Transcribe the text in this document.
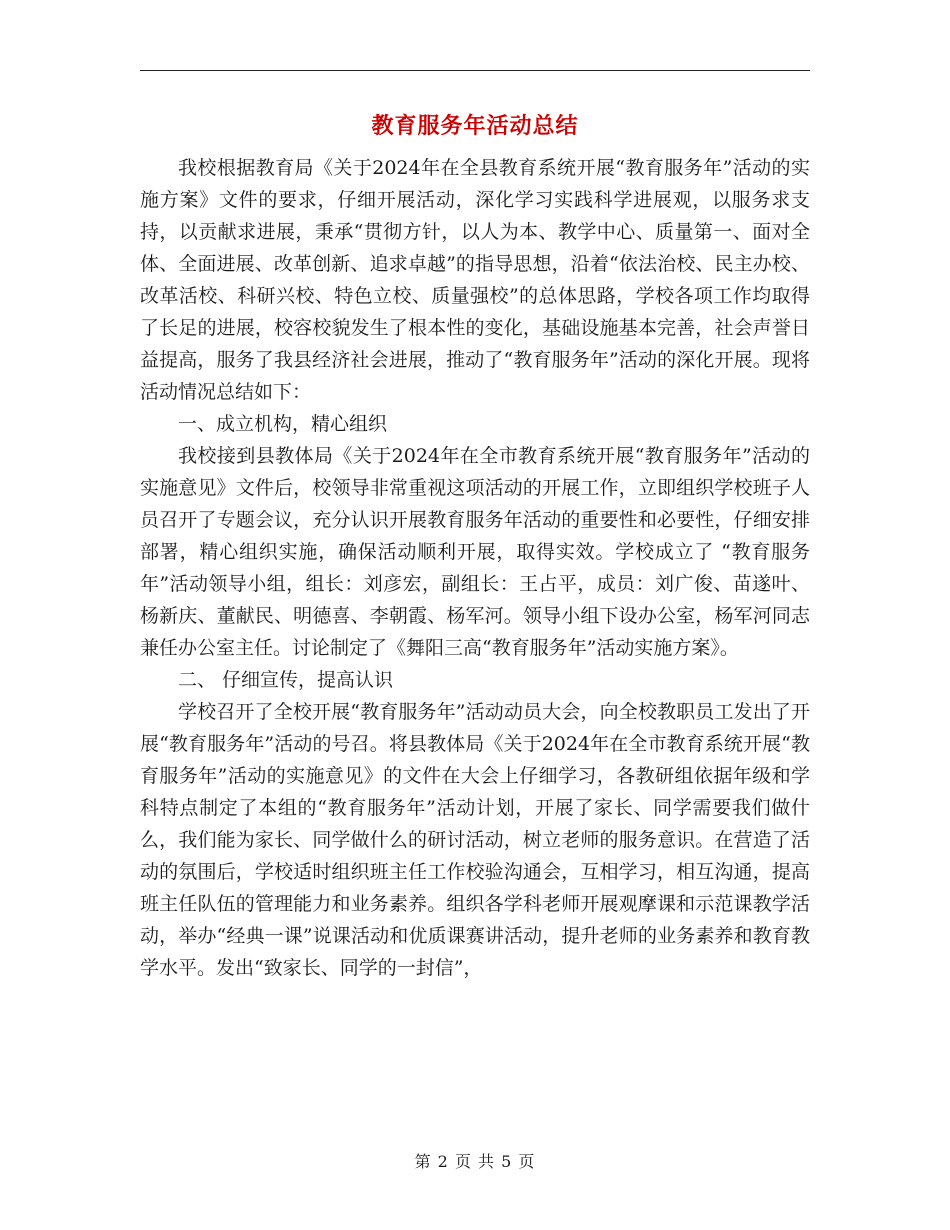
教育服务年活动总结

我校根据教育局《关于2024年在全县教育系统开展“教育服务年”活动的实施方案》文件的要求，仔细开展活动，深化学习实践科学进展观，以服务求支持，以贡献求进展，秉承“贯彻方针，以人为本、教学中心、质量第一、面对全体、全面进展、改革创新、追求卓越”的指导思想，沿着“依法治校、民主办校、改革活校、科研兴校、特色立校、质量强校”的总体思路，学校各项工作均取得了长足的进展，校容校貌发生了根本性的变化，基础设施基本完善，社会声誉日益提高，服务了我县经济社会进展，推动了“教育服务年”活动的深化开展。现将活动情况总结如下：

一、成立机构，精心组织

我校接到县教体局《关于2024年在全市教育系统开展“教育服务年”活动的实施意见》文件后，校领导非常重视这项活动的开展工作，立即组织学校班子人员召开了专题会议，充分认识开展教育服务年活动的重要性和必要性，仔细安排部署，精心组织实施，确保活动顺利开展，取得实效。学校成立了 “教育服务年”活动领导小组，组长：刘彦宏，副组长：王占平，成员：刘广俊、苗遂叶、杨新庆、董献民、明德喜、李朝霞、杨军河。领导小组下设办公室，杨军河同志兼任办公室主任。讨论制定了《舞阳三高“教育服务年”活动实施方案》。

二、 仔细宣传，提高认识

学校召开了全校开展“教育服务年”活动动员大会，向全校教职员工发出了开展“教育服务年”活动的号召。将县教体局《关于2024年在全市教育系统开展“教育服务年”活动的实施意见》的文件在大会上仔细学习，各教研组依据年级和学科特点制定了本组的“教育服务年”活动计划，开展了家长、同学需要我们做什么，我们能为家长、同学做什么的研讨活动，树立老师的服务意识。在营造了活动的氛围后，学校适时组织班主任工作校验沟通会，互相学习，相互沟通，提高班主任队伍的管理能力和业务素养。组织各学科老师开展观摩课和示范课教学活动，举办“经典一课”说课活动和优质课赛讲活动，提升老师的业务素养和教育教学水平。发出“致家长、同学的一封信”，

第 2 页 共 5 页
